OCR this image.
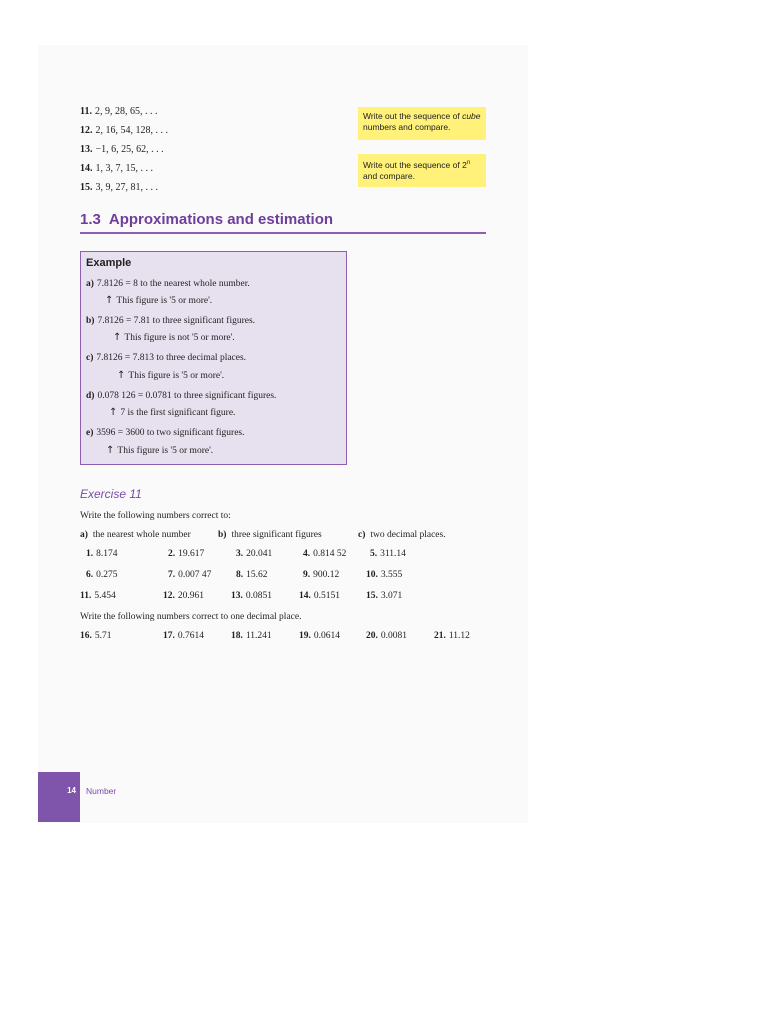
11. 2, 9, 28, 65, . . .
12. 2, 16, 54, 128, . . .
13. −1, 6, 25, 62, . . .
14. 1, 3, 7, 15, . . .
15. 3, 9, 27, 81, . . .
Write out the sequence of cube numbers and compare.
Write out the sequence of 2$^n$ and compare.
1.3 Approximations and estimation
Example
a) 7.8126 = 8 to the nearest whole number.
↑ This figure is '5 or more'.
b) 7.8126 = 7.81 to three significant figures.
↑ This figure is not '5 or more'.
c) 7.8126 = 7.813 to three decimal places.
↑ This figure is '5 or more'.
d) 0.078 126 = 0.0781 to three significant figures.
↑ 7 is the first significant figure.
e) 3596 = 3600 to two significant figures.
↑ This figure is '5 or more'.
Exercise 11
Write the following numbers correct to:
a) the nearest whole number	b) three significant figures	c) two decimal places.
1. 8.174	2. 19.617	3. 20.041	4. 0.814 52 5. 311.14
6. 0.275	7. 0.007 47	8. 15.62	9. 900.12	10. 3.555
11. 5.454	12. 20.961	13. 0.0851	14. 0.5151	15. 3.071
Write the following numbers correct to one decimal place.
16. 5.71	17. 0.7614	18. 11.241	19. 0.0614	20. 0.0081	21. 11.12
14 Number
